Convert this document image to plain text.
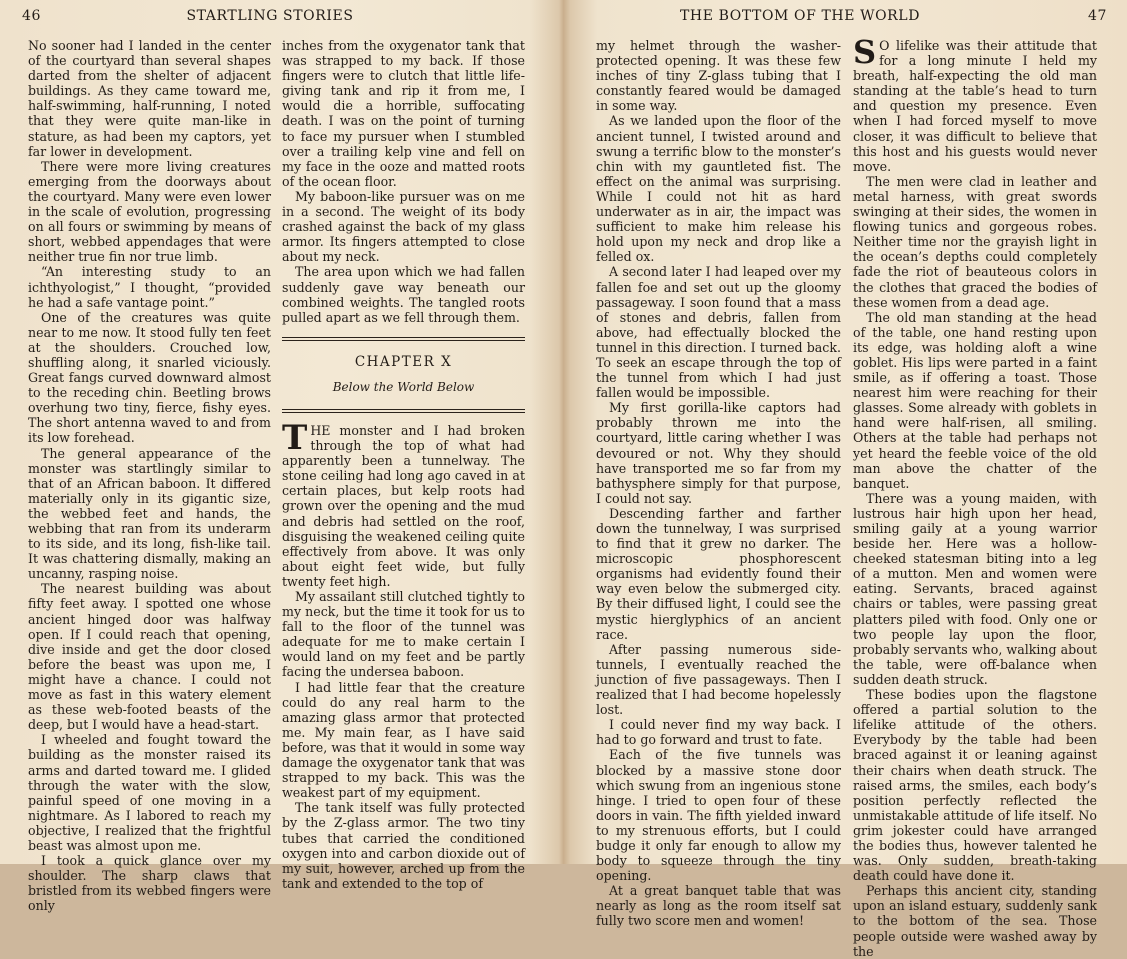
46	STARTLING STORIES

No sooner had I landed in the center of the courtyard than several shapes darted from the shelter of adjacent buildings. As they came toward me, half-swimming, half-running, I noted that they were quite man-like in stature, as had been my captors, yet far lower in development.

There were more living creatures emerging from the doorways about the courtyard. Many were even lower in the scale of evolution, progressing on all fours or swimming by means of short, webbed appendages that were neither true fin nor true limb.

“An interesting study to an ichthyologist,” I thought, “provided he had a safe vantage point.”

One of the creatures was quite near to me now. It stood fully ten feet at the shoulders. Crouched low, shuffling along, it snarled viciously. Great fangs curved downward almost to the receding chin. Beetling brows overhung two tiny, fierce, fishy eyes. The short antenna waved to and from its low forehead.

The general appearance of the monster was startlingly similar to that of an African baboon. It differed materially only in its gigantic size, the webbed feet and hands, the webbing that ran from its underarm to its side, and its long, fish-like tail. It was chattering dismally, making an uncanny, rasping noise.

The nearest building was about fifty feet away. I spotted one whose ancient hinged door was halfway open. If I could reach that opening, dive inside and get the door closed before the beast was upon me, I might have a chance. I could not move as fast in this watery element as these web-footed beasts of the deep, but I would have a head-start.

I wheeled and fought toward the building as the monster raised its arms and darted toward me. I glided through the water with the slow, painful speed of one moving in a nightmare. As I labored to reach my objective, I realized that the frightful beast was almost upon me.

I took a quick glance over my shoulder. The sharp claws that bristled from its webbed fingers were only

inches from the oxygenator tank that was strapped to my back. If those fingers were to clutch that little life-giving tank and rip it from me, I would die a horrible, suffocating death. I was on the point of turning to face my pursuer when I stumbled over a trailing kelp vine and fell on my face in the ooze and matted roots of the ocean floor.

My baboon-like pursuer was on me in a second. The weight of its body crashed against the back of my glass armor. Its fingers attempted to close about my neck.

The area upon which we had fallen suddenly gave way beneath our combined weights. The tangled roots pulled apart as we fell through them.

CHAPTER X
Below the World Below

THE monster and I had broken through the top of what had apparently been a tunnelway. The stone ceiling had long ago caved in at certain places, but kelp roots had grown over the opening and the mud and debris had settled on the roof, disguising the weakened ceiling quite effectively from above. It was only about eight feet wide, but fully twenty feet high.

My assailant still clutched tightly to my neck, but the time it took for us to fall to the floor of the tunnel was adequate for me to make certain I would land on my feet and be partly facing the undersea baboon.

I had little fear that the creature could do any real harm to the amazing glass armor that protected me. My main fear, as I have said before, was that it would in some way damage the oxygenator tank that was strapped to my back. This was the weakest part of my equipment.

The tank itself was fully protected by the Z-glass armor. The two tiny tubes that carried the conditioned oxygen into and carbon dioxide out of my suit, however, arched up from the tank and extended to the top of

THE BOTTOM OF THE WORLD	47

my helmet through the washer-protected opening. It was these few inches of tiny Z-glass tubing that I constantly feared would be damaged in some way.

As we landed upon the floor of the ancient tunnel, I twisted around and swung a terrific blow to the monster’s chin with my gauntleted fist. The effect on the animal was surprising. While I could not hit as hard underwater as in air, the impact was sufficient to make him release his hold upon my neck and drop like a felled ox.

A second later I had leaped over my fallen foe and set out up the gloomy passageway. I soon found that a mass of stones and debris, fallen from above, had effectually blocked the tunnel in this direction. I turned back. To seek an escape through the top of the tunnel from which I had just fallen would be impossible.

My first gorilla-like captors had probably thrown me into the courtyard, little caring whether I was devoured or not. Why they should have transported me so far from my bathysphere simply for that purpose, I could not say.

Descending farther and farther down the tunnelway, I was surprised to find that it grew no darker. The microscopic phosphorescent organisms had evidently found their way even below the submerged city. By their diffused light, I could see the mystic hierglyphics of an ancient race.

After passing numerous side-tunnels, I eventually reached the junction of five passageways. Then I realized that I had become hopelessly lost.

I could never find my way back. I had to go forward and trust to fate.

Each of the five tunnels was blocked by a massive stone door which swung from an ingenious stone hinge. I tried to open four of these doors in vain. The fifth yielded inward to my strenuous efforts, but I could budge it only far enough to allow my body to squeeze through the tiny opening.

At a great banquet table that was nearly as long as the room itself sat fully two score men and women!

S O lifelike was their attitude that for a long minute I held my breath, half-expecting the old man standing at the table’s head to turn and question my presence. Even when I had forced myself to move closer, it was difficult to believe that this host and his guests would never move.

The men were clad in leather and metal harness, with great swords swinging at their sides, the women in flowing tunics and gorgeous robes. Neither time nor the grayish light in the ocean’s depths could completely fade the riot of beauteous colors in the clothes that graced the bodies of these women from a dead age.

The old man standing at the head of the table, one hand resting upon its edge, was holding aloft a wine goblet. His lips were parted in a faint smile, as if offering a toast. Those nearest him were reaching for their glasses. Some already with goblets in hand were half-risen, all smiling. Others at the table had perhaps not yet heard the feeble voice of the old man above the chatter of the banquet.

There was a young maiden, with lustrous hair high upon her head, smiling gaily at a young warrior beside her. Here was a hollow-cheeked statesman biting into a leg of a mutton. Men and women were eating. Servants, braced against chairs or tables, were passing great platters piled with food. Only one or two people lay upon the floor, probably servants who, walking about the table, were off-balance when sudden death struck.

These bodies upon the flagstone offered a partial solution to the lifelike attitude of the others. Everybody by the table had been braced against it or leaning against their chairs when death struck. The raised arms, the smiles, each body’s position perfectly reflected the unmistakable attitude of life itself. No grim jokester could have arranged the bodies thus, however talented he was. Only sudden, breath-taking death could have done it.

Perhaps this ancient city, standing upon an island estuary, suddenly sank to the bottom of the sea. Those people outside were washed away by the
